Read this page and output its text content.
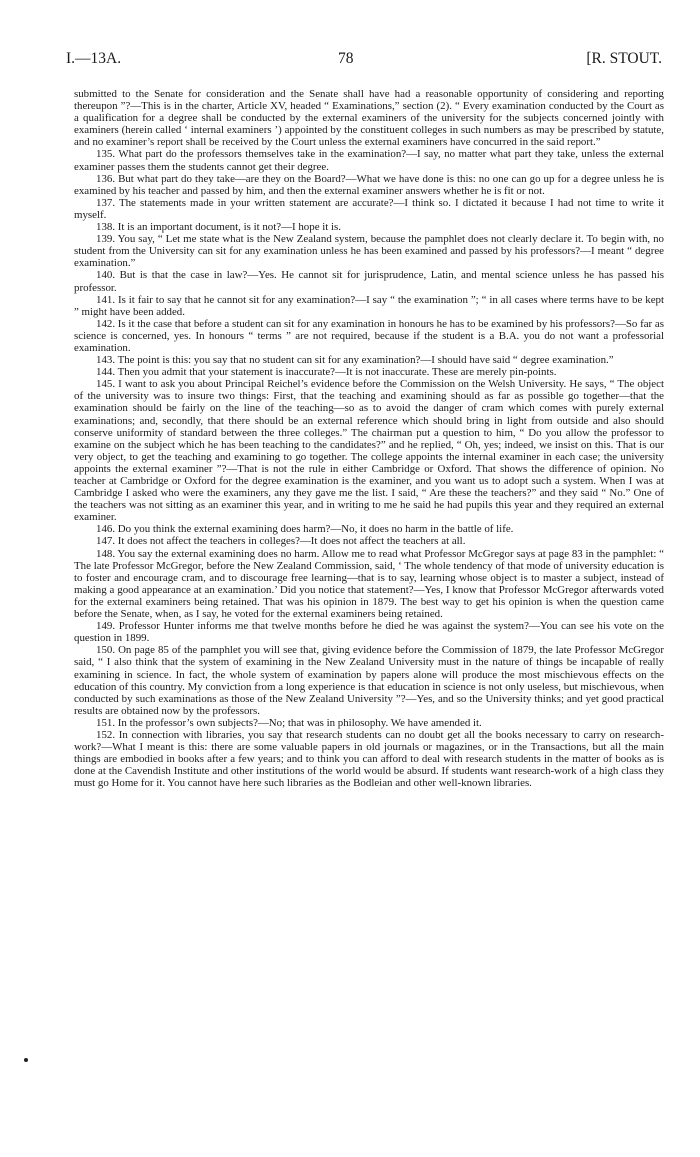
I.—13A.	78	[R. STOUT.

submitted to the Senate for consideration and the Senate shall have had a reasonable opportunity of considering and reporting thereupon ”?—This is in the charter, Article XV, headed “ Examinations,” section (2). “ Every examination conducted by the Court as a qualification for a degree shall be conducted by the external examiners of the university for the subjects concerned jointly with examiners (herein called ‘ internal examiners ’) appointed by the constituent colleges in such numbers as may be prescribed by statute, and no examiner’s report shall be received by the Court unless the external examiners have concurred in the said report.”

135. What part do the professors themselves take in the examination?—I say, no matter what part they take, unless the external examiner passes them the students cannot get their degree.

136. But what part do they take—are they on the Board?—What we have done is this: no one can go up for a degree unless he is examined by his teacher and passed by him, and then the external examiner answers whether he is fit or not.

137. The statements made in your written statement are accurate?—I think so. I dictated it because I had not time to write it myself.

138. It is an important document, is it not?—I hope it is.

139. You say, “ Let me state what is the New Zealand system, because the pamphlet does not clearly declare it. To begin with, no student from the University can sit for any examination unless he has been examined and passed by his professors?—I meant “ degree examination.”

140. But is that the case in law?—Yes. He cannot sit for jurisprudence, Latin, and mental science unless he has passed his professor.

141. Is it fair to say that he cannot sit for any examination?—I say “ the examination ”; “ in all cases where terms have to be kept ” might have been added.

142. Is it the case that before a student can sit for any examination in honours he has to be examined by his professors?—So far as science is concerned, yes. In honours “ terms ” are not required, because if the student is a B.A. you do not want a professorial examination.

143. The point is this: you say that no student can sit for any examination?—I should have said “ degree examination.”

144. Then you admit that your statement is inaccurate?—It is not inaccurate. These are merely pin-points.

145. I want to ask you about Principal Reichel’s evidence before the Commission on the Welsh University. He says, “ The object of the university was to insure two things: First, that the teaching and examining should as far as possible go together—that the examination should be fairly on the line of the teaching—so as to avoid the danger of cram which comes with purely external examinations; and, secondly, that there should be an external reference which should bring in light from outside and also should conserve uniformity of standard between the three colleges.” The chairman put a question to him, “ Do you allow the professor to examine on the subject which he has been teaching to the candidates?” and he replied, “ Oh, yes; indeed, we insist on this. That is our very object, to get the teaching and examining to go together. The college appoints the internal examiner in each case; the university appoints the external examiner ”?—That is not the rule in either Cambridge or Oxford. That shows the difference of opinion. No teacher at Cambridge or Oxford for the degree examination is the examiner, and you want us to adopt such a system. When I was at Cambridge I asked who were the examiners, any they gave me the list. I said, “ Are these the teachers?” and they said “ No.” One of the teachers was not sitting as an examiner this year, and in writing to me he said he had pupils this year and they required an external examiner.

146. Do you think the external examining does harm?—No, it does no harm in the battle of life.

147. It does not affect the teachers in colleges?—It does not affect the teachers at all.

148. You say the external examining does no harm. Allow me to read what Professor McGregor says at page 83 in the pamphlet: “ The late Professor McGregor, before the New Zealand Commission, said, ‘ The whole tendency of that mode of university education is to foster and encourage cram, and to discourage free learning—that is to say, learning whose object is to master a subject, instead of making a good appearance at an examination.’ Did you notice that statement?—Yes, I know that Professor McGregor afterwards voted for the external examiners being retained. That was his opinion in 1879. The best way to get his opinion is when the question came before the Senate, when, as I say, he voted for the external examiners being retained.

149. Professor Hunter informs me that twelve months before he died he was against the system?—You can see his vote on the question in 1899.

150. On page 85 of the pamphlet you will see that, giving evidence before the Commission of 1879, the late Professor McGregor said, “ I also think that the system of examining in the New Zealand University must in the nature of things be incapable of really examining in science. In fact, the whole system of examination by papers alone will produce the most mischievous effects on the education of this country. My conviction from a long experience is that education in science is not only useless, but mischievous, when conducted by such examinations as those of the New Zealand University ”?—Yes, and so the University thinks; and yet good practical results are obtained now by the professors.

151. In the professor’s own subjects?—No; that was in philosophy. We have amended it.

152. In connection with libraries, you say that research students can no doubt get all the books necessary to carry on research-work?—What I meant is this: there are some valuable papers in old journals or magazines, or in the Transactions, but all the main things are embodied in books after a few years; and to think you can afford to deal with research students in the matter of books as is done at the Cavendish Institute and other institutions of the world would be absurd. If students want research-work of a high class they must go Home for it. You cannot have here such libraries as the Bodleian and other well-known libraries.
